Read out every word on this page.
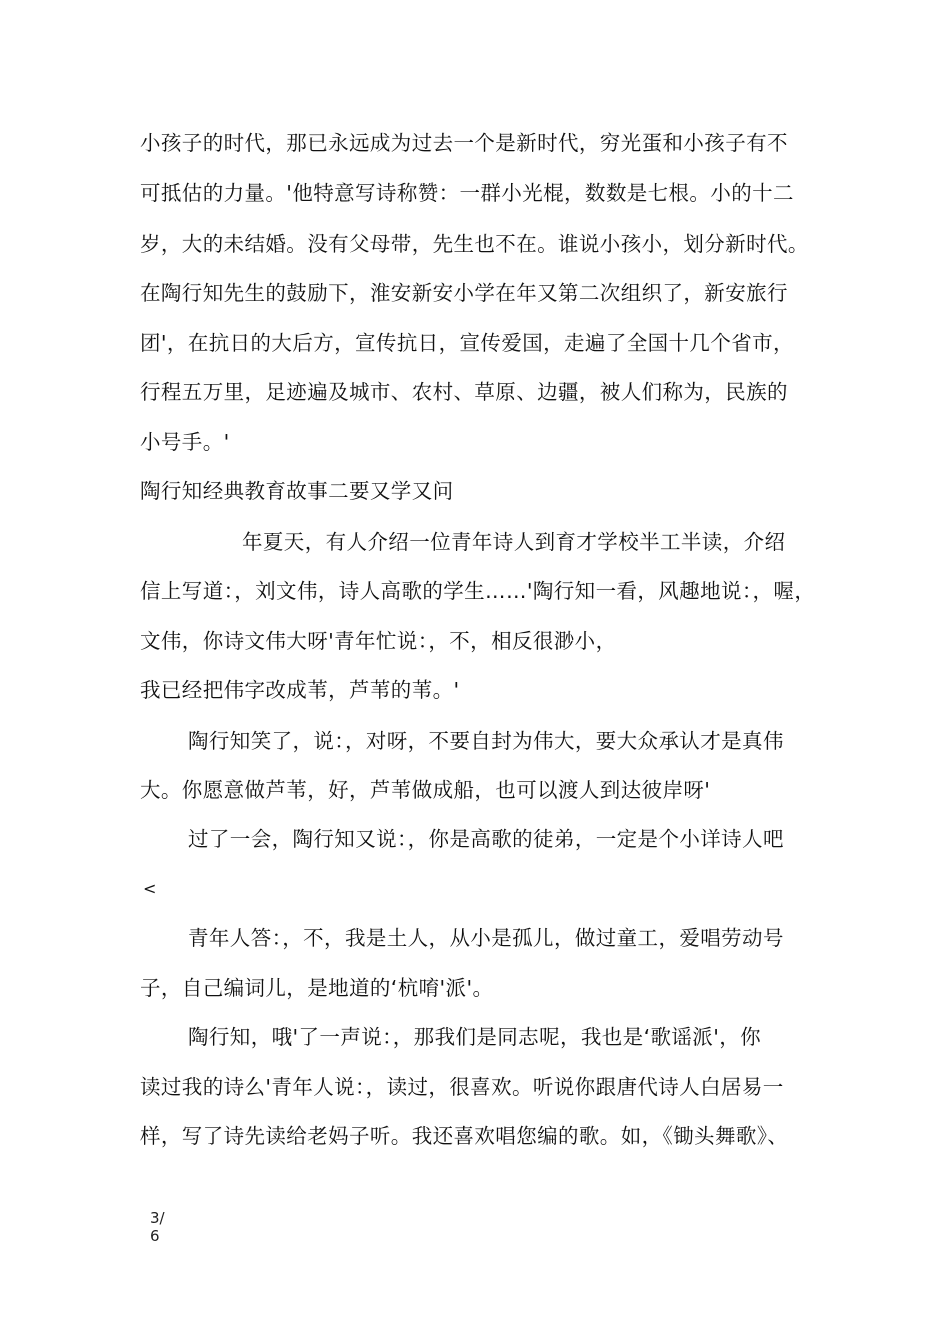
小孩子的时代，那已永远成为过去一个是新时代，穷光蛋和小孩子有不
可抵估的力量。'他特意写诗称赞：一群小光棍，数数是七根。小的十二
岁，大的未结婚。没有父母带，先生也不在。谁说小孩小，划分新时代。
在陶行知先生的鼓励下，淮安新安小学在年又第二次组织了，新安旅行
团'，在抗日的大后方，宣传抗日，宣传爱国，走遍了全国十几个省市，
行程五万里，足迹遍及城市、农村、草原、边疆，被人们称为，民族的
小号手。'
陶行知经典教育故事二要又学又问
年夏天，有人介绍一位青年诗人到育才学校半工半读，介绍
信上写道：，刘文伟，诗人高歌的学生……'陶行知一看，风趣地说：，喔，
文伟，你诗文伟大呀'青年忙说：，不，相反很渺小，
我已经把伟字改成苇，芦苇的苇。'
陶行知笑了，说：，对呀，不要自封为伟大，要大众承认才是真伟
大。你愿意做芦苇，好，芦苇做成船，也可以渡人到达彼岸呀'
过了一会，陶行知又说：，你是高歌的徒弟，一定是个小详诗人吧
<
青年人答：，不，我是土人，从小是孤儿，做过童工，爱唱劳动号
子，自己编词儿，是地道的‘杭唷'派'。
陶行知，哦'了一声说：，那我们是同志呢，我也是‘歌谣派'，你
读过我的诗么'青年人说：，读过，很喜欢。听说你跟唐代诗人白居易一
样，写了诗先读给老妈子听。我还喜欢唱您编的歌。如，《锄头舞歌》、
3/
6
